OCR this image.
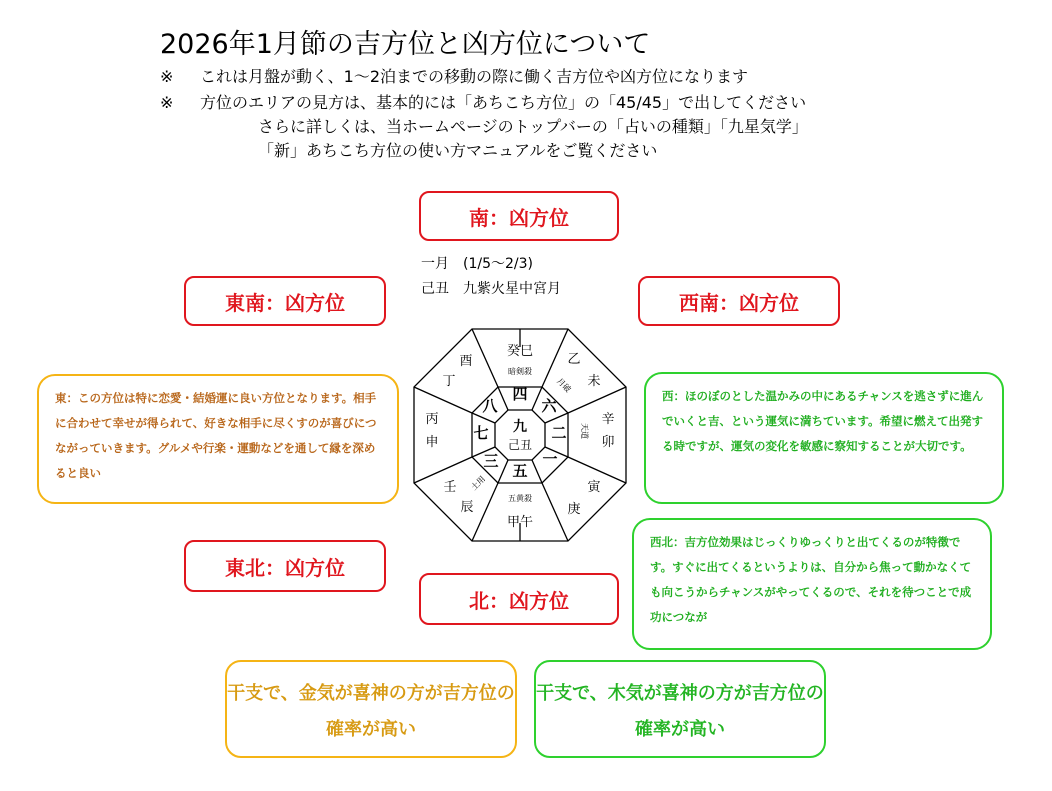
2026年1月節の吉方位と凶方位について
※ これは月盤が動く、1〜2泊までの移動の際に働く吉方位や凶方位になります
※ 方位のエリアの見方は、基本的には「あちこち方位」の「45/45」で出してください
さらに詳しくは、当ホームページのトップバーの「占いの種類」「九星気学」
「新」あちこち方位の使い方マニュアルをご覧ください
南：凶方位
東南：凶方位	西南：凶方位
東北：凶方位
北：凶方位
一月　(1/5〜2/3)
己丑　九紫火星中宮月
癸巳
乙
未
辛
卯
寅
庚
甲午
壬
辰
丙
申
酉
丁
四
六
二
一
五
三
七
八
暗剣殺
月破
天道
五黄殺
土用
九
己丑
東：この方位は特に恋愛・結婚運に良い方位となります。相手に合わせて幸せが得られて、好きな相手に尽くすのが喜びにつながっていきます。グルメや行楽・運動などを通して縁を深めると良い
西：ほのぼのとした温かみの中にあるチャンスを逃さずに進んでいくと吉、という運気に満ちています。希望に燃えて出発する時ですが、運気の変化を敏感に察知することが大切です。
西北：吉方位効果はじっくりゆっくりと出てくるのが特徴です。すぐに出てくるというよりは、自分から焦って動かなくても向こうからチャンスがやってくるので、それを待つことで成功につなが
干支で、金気が喜神の方が吉方位の確率が高い
干支で、木気が喜神の方が吉方位の確率が高い
